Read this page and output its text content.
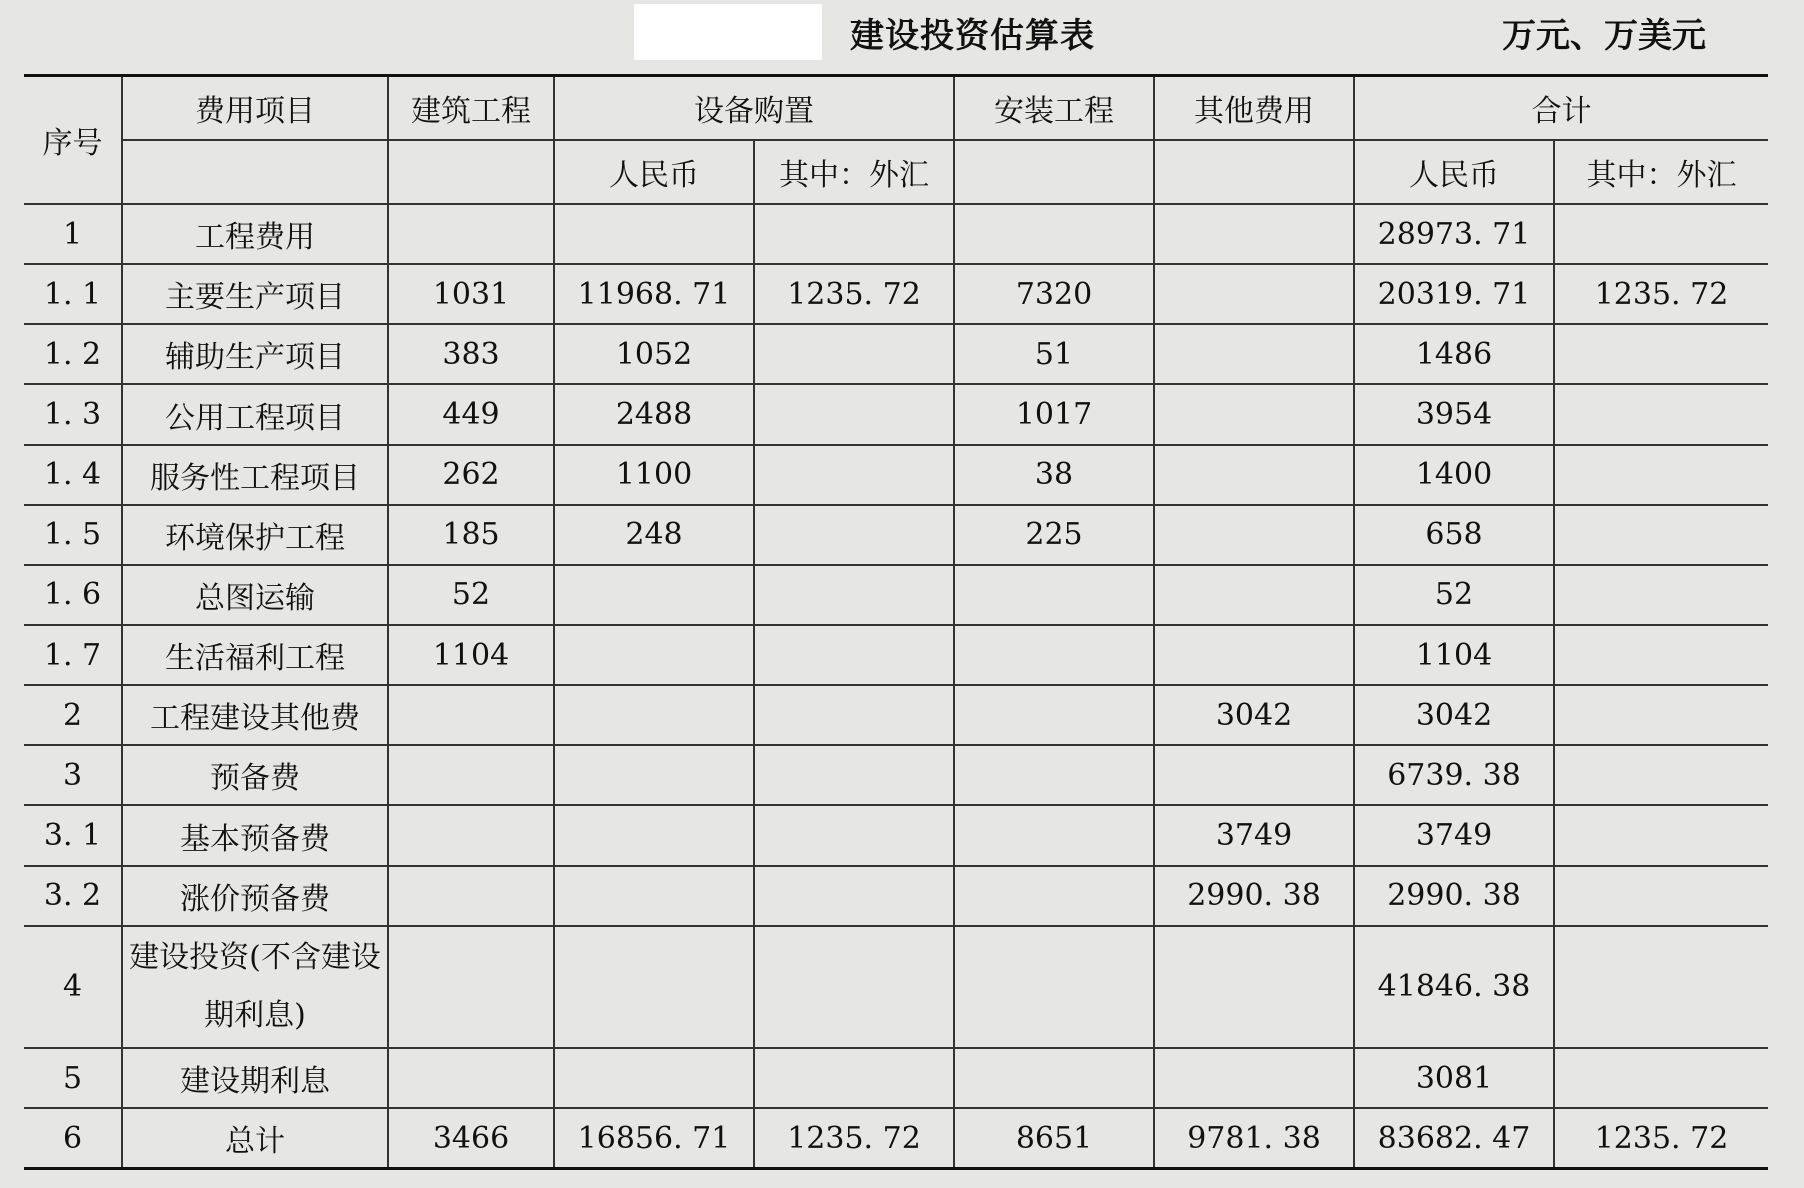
建设投资估算表	万元、万美元
序号	费用项目	建筑工程	设备购置		安装工程	其他费用	合计	
			人民币	其中：外汇			人民币	其中：外汇
1	工程费用						28973. 71	
1. 1	主要生产项目	1031	11968. 71	1235. 72	7320		20319. 71	1235. 72
1. 2	辅助生产项目	383	1052		51		1486	
1. 3	公用工程项目	449	2488		1017		3954	
1. 4	服务性工程项目	262	1100		38		1400	
1. 5	环境保护工程	185	248		225		658	
1. 6	总图运输	52					52	
1. 7	生活福利工程	1104					1104	
2	工程建设其他费					3042	3042	
3	预备费						6739. 38	
3. 1	基本预备费					3749	3749	
3. 2	涨价预备费					2990. 38	2990. 38	
4	建设投资(不含建设期利息)						41846. 38	
5	建设期利息						3081	
6	总计	3466	16856. 71	1235. 72	8651	9781. 38	83682. 47	1235. 72
